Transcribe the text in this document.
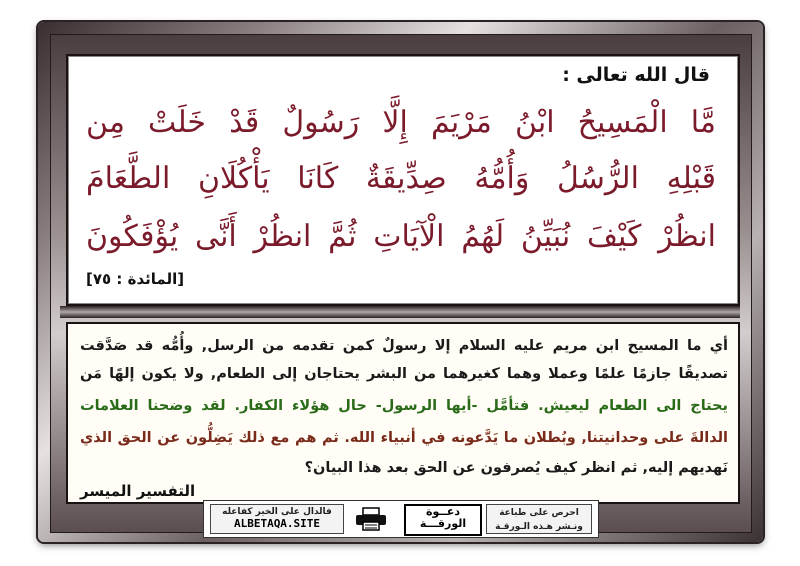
قال الله تعالى :
مَّا الْمَسِيحُ ابْنُ مَرْيَمَ إِلَّا رَسُولٌ قَدْ خَلَتْ مِن
قَبْلِهِ الرُّسُلُ وَأُمُّهُ صِدِّيقَةٌ كَانَا يَأْكُلَانِ الطَّعَامَ
انظُرْ كَيْفَ نُبَيِّنُ لَهُمُ الْآيَاتِ ثُمَّ انظُرْ أَنَّى يُؤْفَكُونَ
[المائدة : ٧٥]
أي ما المسيح ابن مريم عليه السلام إلا رسولٌ كمن تقدمه من الرسل, وأُمُّه قد صَدَّقت
تصديقًا جازمًا علمًا وعملا وهما كغيرهما من البشر يحتاجان إلى الطعام, ولا يكون إلهًا مَن
يحتاج الى الطعام ليعيش. فتأمَّل -أيها الرسول- حال هؤلاء الكفار. لقد وضحنا العلامات
الدالةَ على وحدانيتنا, وبُطلان ما يَدَّعونه في أنبياء الله. ثم هم مع ذلك يَضِلُّون عن الحق الذي
نَهديهم إليه, ثم انظر كيف يُصرفون عن الحق بعد هذا البيان؟
التفسير الميسر
فالدال على الخير كفاعله
ALBETAQA.SITE
دعــوة الورقـــة
احرص على طباعة
ونـشر هـذه الـورقـة
